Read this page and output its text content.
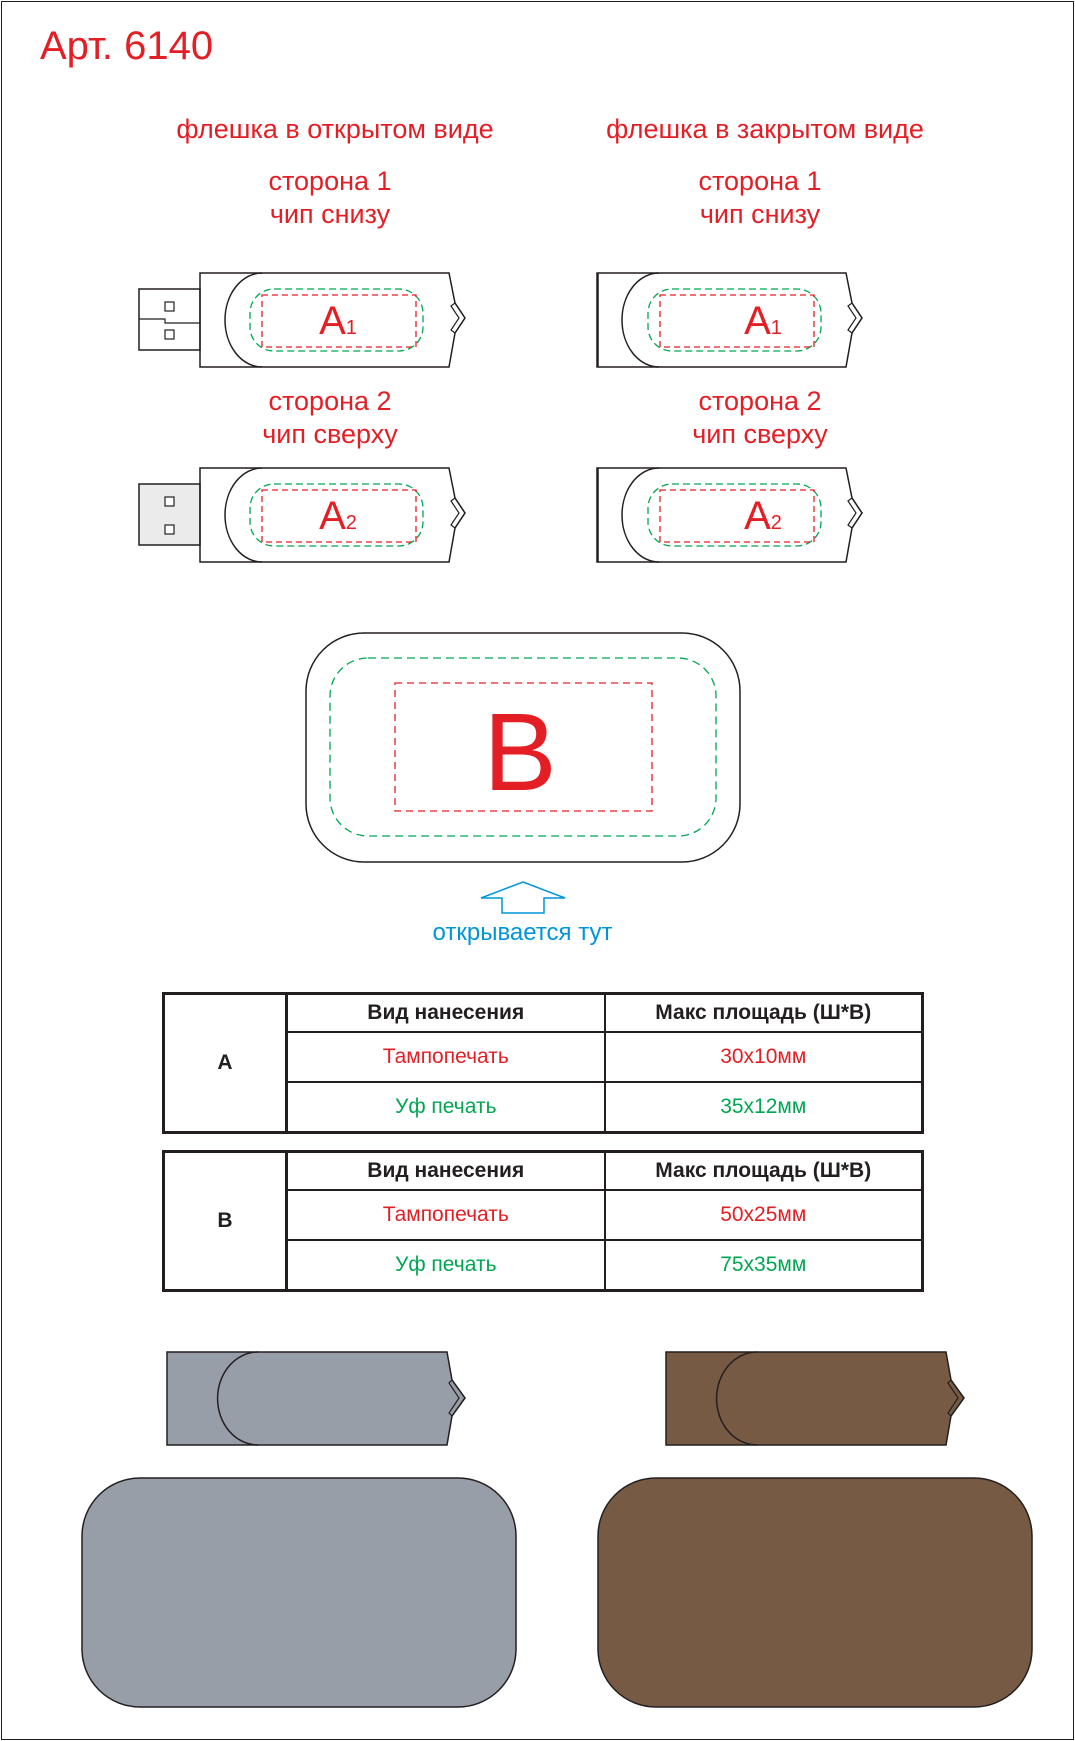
Арт. 6140
флешка в открытом виде	флешка в закрытом виде
сторона 1
чип снизу
сторона 1
чип снизу
сторона 2
чип сверху
сторона 2
чип сверху
A1	A1
A2	A2
B
открывается тут
A	Вид нанесения	Макс площадь (Ш*В)
	Тампопечать	30х10мм
	Уф печать	35х12мм
B	Вид нанесения	Макс площадь (Ш*В)
	Тампопечать	50х25мм
	Уф печать	75х35мм
